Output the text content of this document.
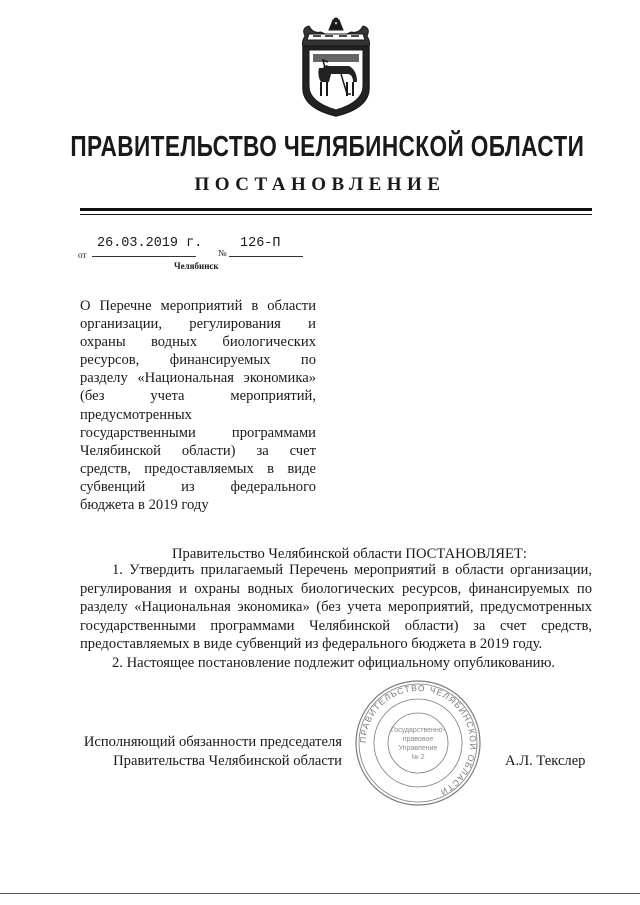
ПРАВИТЕЛЬСТВО ЧЕЛЯБИНСКОЙ ОБЛАСТИ
ПОСТАНОВЛЕНИЕ
от
26.03.2019 г.
№
126-П
Челябинск
О Перечне мероприятий в области
организации, регулирования и
охраны водных биологических
ресурсов, финансируемых по
разделу «Национальная экономика»
(без учета мероприятий,
предусмотренных
государственными программами
Челябинской области) за счет
средств, предоставляемых в виде
субвенций из федерального
бюджета в 2019 году
Правительство Челябинской области ПОСТАНОВЛЯЕТ:

1. Утвердить прилагаемый Перечень мероприятий в области организации, регулирования и охраны водных биологических ресурсов, финансируемых по разделу «Национальная экономика» (без учета мероприятий, предусмотренных государственными программами Челябинской области) за счет средств, предоставляемых в виде субвенций из федерального бюджета в 2019 году.

2. Настоящее постановление подлежит официальному опубликованию.

ПРАВИТЕЛЬСТВО ЧЕЛЯБИНСКОЙ ОБЛАСТИ
Государственно-
правовое
Управление
№ 2
Исполняющий обязанности председателя
Правительства Челябинской области	А.Л. Текслер
